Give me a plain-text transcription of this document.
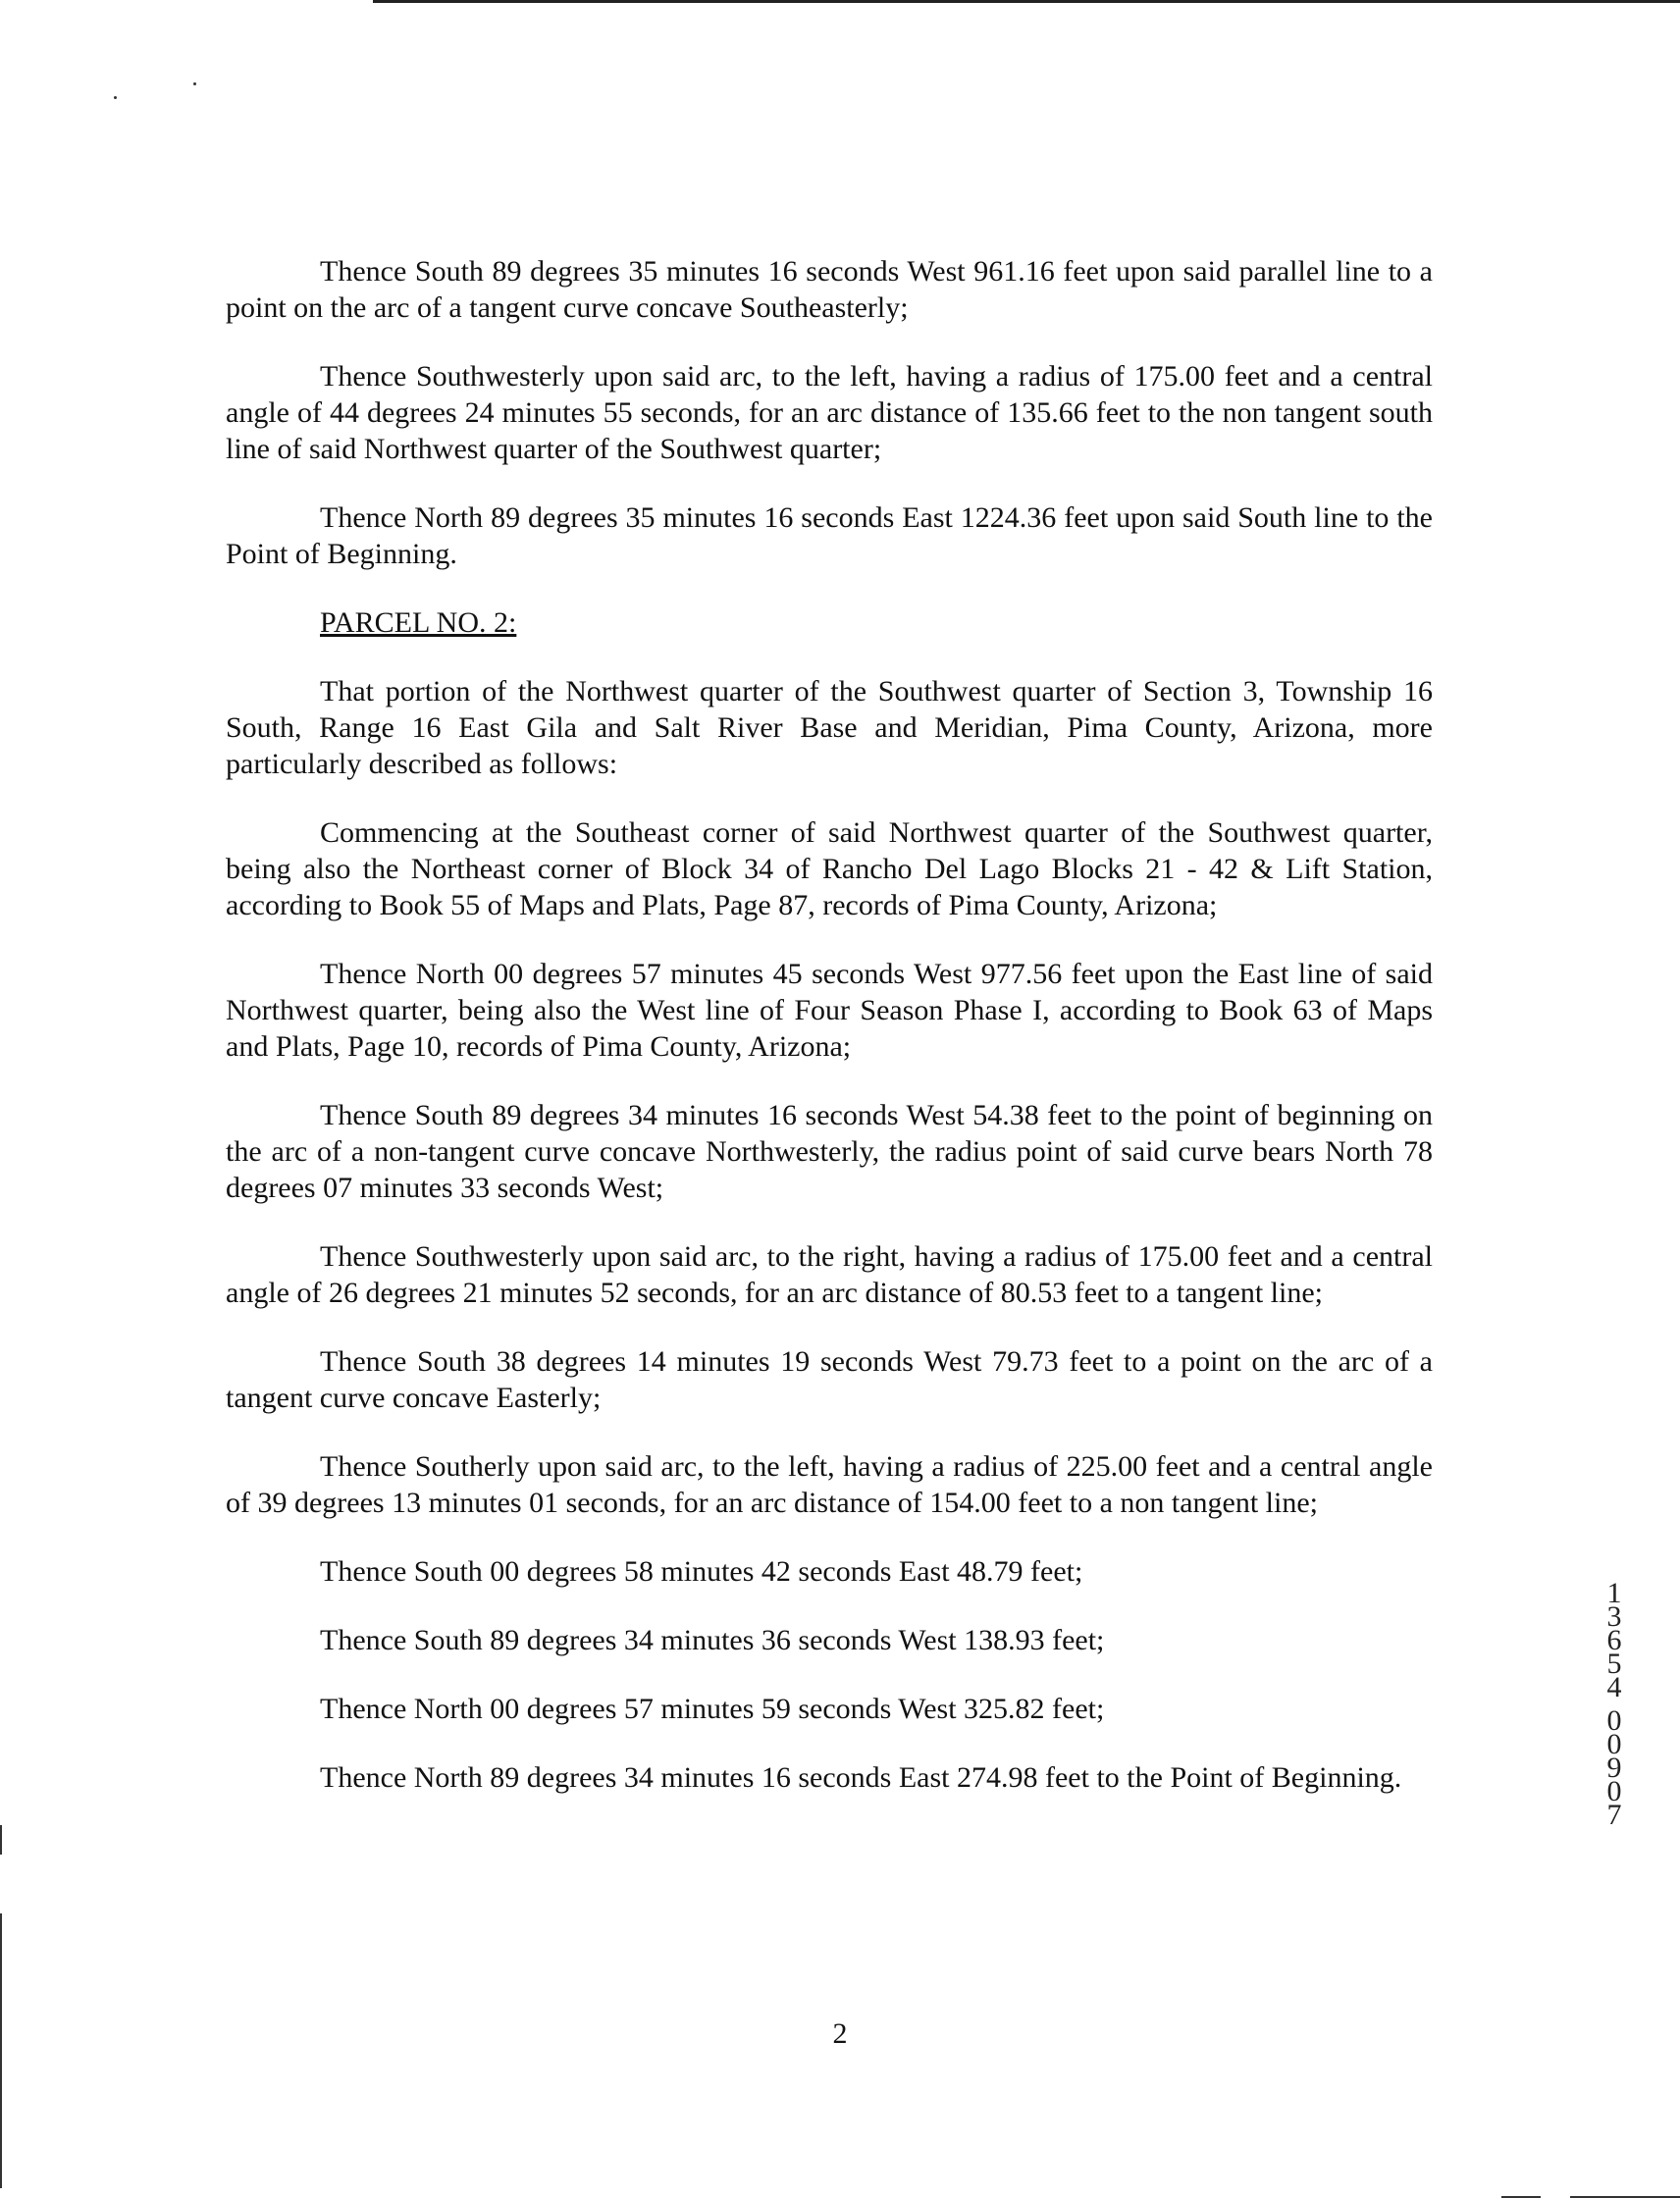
Thence South 89 degrees 35 minutes 16 seconds West 961.16 feet upon said parallel line to a point on the arc of a tangent curve concave Southeasterly;

Thence Southwesterly upon said arc, to the left, having a radius of 175.00 feet and a central angle of 44 degrees 24 minutes 55 seconds, for an arc distance of 135.66 feet to the non tangent south line of said Northwest quarter of the Southwest quarter;

Thence North 89 degrees 35 minutes 16 seconds East 1224.36 feet upon said South line to the Point of Beginning.

PARCEL NO. 2:

That portion of the Northwest quarter of the Southwest quarter of Section 3, Township 16 South, Range 16 East Gila and Salt River Base and Meridian, Pima County, Arizona, more particularly described as follows:

Commencing at the Southeast corner of said Northwest quarter of the Southwest quarter, being also the Northeast corner of Block 34 of Rancho Del Lago Blocks 21 - 42 & Lift Station, according to Book 55 of Maps and Plats, Page 87, records of Pima County, Arizona;

Thence North 00 degrees 57 minutes 45 seconds West 977.56 feet upon the East line of said Northwest quarter, being also the West line of Four Season Phase I, according to Book 63 of Maps and Plats, Page 10, records of Pima County, Arizona;

Thence South 89 degrees 34 minutes 16 seconds West 54.38 feet to the point of beginning on the arc of a non-tangent curve concave Northwesterly, the radius point of said curve bears North 78 degrees 07 minutes 33 seconds West;

Thence Southwesterly upon said arc, to the right, having a radius of 175.00 feet and a central angle of 26 degrees 21 minutes 52 seconds, for an arc distance of 80.53 feet to a tangent line;

Thence South 38 degrees 14 minutes 19 seconds West 79.73 feet to a point on the arc of a tangent curve concave Easterly;

Thence Southerly upon said arc, to the left, having a radius of 225.00 feet and a central angle of 39 degrees 13 minutes 01 seconds, for an arc distance of 154.00 feet to a non tangent line;

Thence South 00 degrees 58 minutes 42 seconds East 48.79 feet;

Thence South 89 degrees 34 minutes 36 seconds West 138.93 feet;

Thence North 00 degrees 57 minutes 59 seconds West 325.82 feet;

Thence North 89 degrees 34 minutes 16 seconds East 274.98 feet to the Point of Beginning.

1
3
6
5
4
0
0
9
0
7
2
